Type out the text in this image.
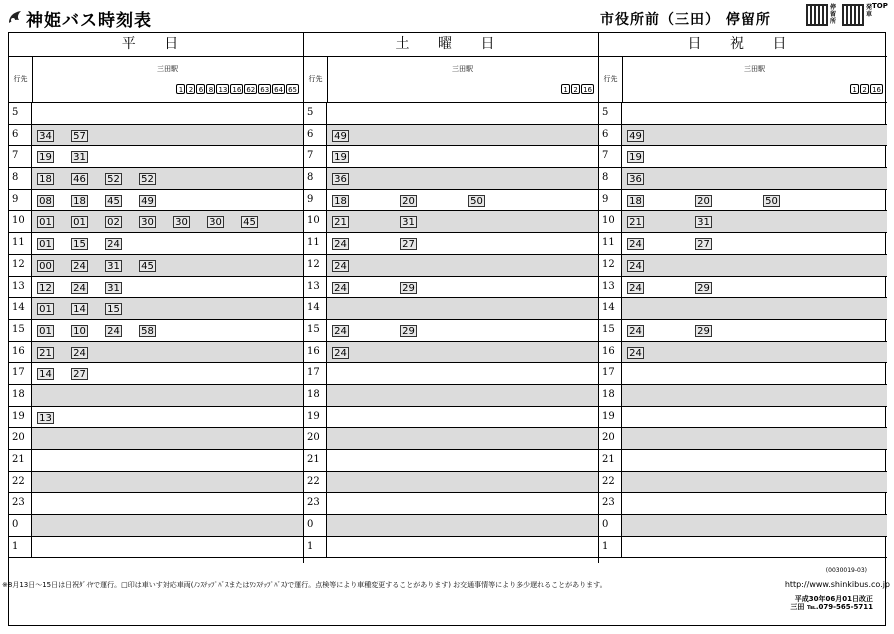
神姫バス時刻表	市役所前（三田） 停留所
停留所
発車
TOP
平 日
行先
三田駅
1 2 6 8 13 16 62 63 64 65
5
6	34 57
7	19 31
8	18 46 52 52
9	08 18 45 49
10	01 01 02 30 30 30 45
11	01 15 24
12	00 24 31 45
13	12 24 31
14	01 14 15
15	01 10 24 58
16	21 24
17	14 27
18
19	13
20
21
22
23
0
1
土 曜 日
行先
三田駅
1 2 16
5
6	49
7	19
8	36
9	18	20	50
10	21	31
11	24	27
12	24
13	24	29
14
15	24	29
16	24
17
18
19
20
21
22
23
0
1
日 祝 日
行先
三田駅
1 2 16
5
6	49
7	19
8	36
9	18	20	50
10	21	31
11	24	27
12	24
13	24	29
14
15	24	29
16	24
17
18
19
20
21
22
23
0
1
(0030019-03)
平成30年06月01日改正
三田 ℡.079-565-5711
※8月13日～15日は日祝ﾀﾞｲﾔで運行。□印は車いす対応車両(ﾉﾝｽﾃｯﾌﾟﾊﾞｽまたはﾜﾝｽﾃｯﾌﾟﾊﾞｽ)で運行。点検等により車種変更することがあります) お交通事情等により多少遅れることがあります。	http://www.shinkibus.co.jp
